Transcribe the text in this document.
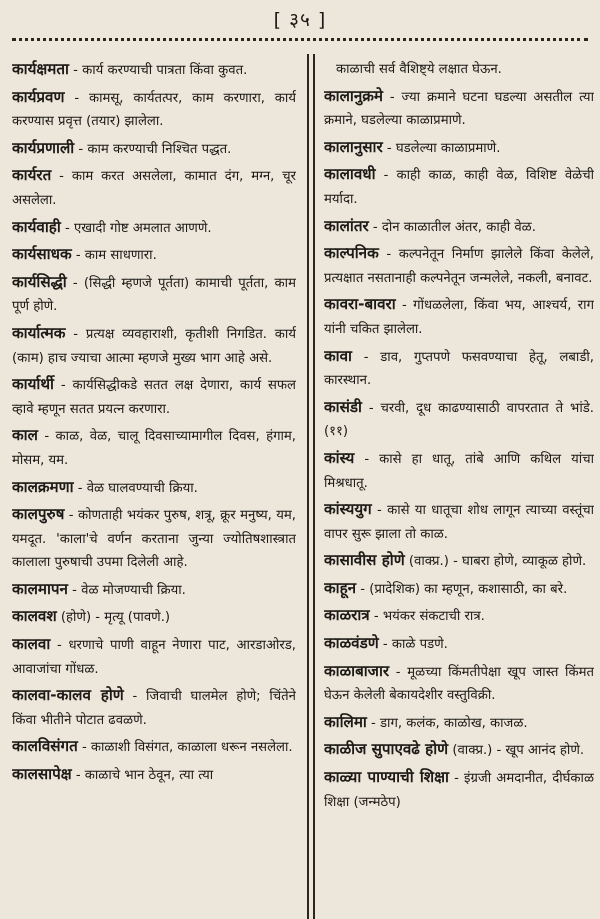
[ ३५ ]

कार्यक्षमता - कार्य करण्याची पात्रता किंवा कुवत.

कार्यप्रवण - कामसू, कार्यतत्पर, काम करणारा, कार्य करण्यास प्रवृत्त (तयार) झालेला.

कार्यप्रणाली - काम करण्याची निश्चित पद्धत.

कार्यरत - काम करत असलेला, कामात दंग, मग्न, चूर असलेला.

कार्यवाही - एखादी गोष्ट अमलात आणणे.

कार्यसाधक - काम साधणारा.

कार्यसिद्धी - (सिद्धी म्हणजे पूर्तता) कामाची पूर्तता, काम पूर्ण होणे.

कार्यात्मक - प्रत्यक्ष व्यवहाराशी, कृतीशी निगडित. कार्य (काम) हाच ज्याचा आत्मा म्हणजे मुख्य भाग आहे असे.

कार्यार्थी - कार्यसिद्धीकडे सतत लक्ष देणारा, कार्य सफल व्हावे म्हणून सतत प्रयत्न करणारा.

काल - काळ, वेळ, चालू दिवसाच्यामागील दिवस, हंगाम, मोसम, यम.

कालक्रमणा - वेळ घालवण्याची क्रिया.

कालपुरुष - कोणताही भयंकर पुरुष, शत्रू, क्रूर मनुष्य, यम, यमदूत. 'काला'चे वर्णन करताना जुन्या ज्योतिषशास्त्रात कालाला पुरुषाची उपमा दिलेली आहे.

कालमापन - वेळ मोजण्याची क्रिया.

कालवश (होणे) - मृत्यू (पावणे.)

कालवा - धरणाचे पाणी वाहून नेणारा पाट, आरडाओरड, आवाजांचा गोंधळ.

कालवा-कालव होणे - जिवाची घालमेल होणे; चिंतेने किंवा भीतीने पोटात ढवळणे.

कालविसंगत - काळाशी विसंगत, काळाला धरून नसलेला.

कालसापेक्ष - काळाचे भान ठेवून, त्या त्या

काळाची सर्व वैशिष्ट्ये लक्षात घेऊन.

कालानुक्रमे - ज्या क्रमाने घटना घडल्या असतील त्या क्रमाने, घडलेल्या काळाप्रमाणे.

कालानुसार - घडलेल्या काळाप्रमाणे.

कालावधी - काही काळ, काही वेळ, विशिष्ट वेळेची मर्यादा.

कालांतर - दोन काळातील अंतर, काही वेळ.

काल्पनिक - कल्पनेतून निर्माण झालेले किंवा केलेले, प्रत्यक्षात नसतानाही कल्पनेतून जन्मलेले, नकली, बनावट.

कावरा-बावरा - गोंधळलेला, किंवा भय, आश्चर्य, राग यांनी चकित झालेला.

कावा - डाव, गुप्तपणे फसवण्याचा हेतू, लबाडी, कारस्थान.

कासंडी - चरवी, दूध काढण्यासाठी वापरतात ते भांडे. (११)

कांस्य - कासे हा धातू, तांबे आणि कथिल यांचा मिश्रधातू.

कांस्ययुग - कासे या धातूचा शोध लागून त्याच्या वस्तूंचा वापर सुरू झाला तो काळ.

कासावीस होणे (वाक्प्र.) - घाबरा होणे, व्याकूळ होणे.

काहून - (प्रादेशिक) का म्हणून, कशासाठी, का बरे.

काळरात्र - भयंकर संकटाची रात्र.

काळवंडणे - काळे पडणे.

काळाबाजार - मूळच्या किंमतीपेक्षा खूप जास्त किंमत घेऊन केलेली बेकायदेशीर वस्तुविक्री.

कालिमा - डाग, कलंक, काळोख, काजळ.

काळीज सुपाएवढे होणे (वाक्प्र.) - खूप आनंद होणे.

काळ्या पाण्याची शिक्षा - इंग्रजी अमदानीत, दीर्घकाळ शिक्षा (जन्मठेप)
